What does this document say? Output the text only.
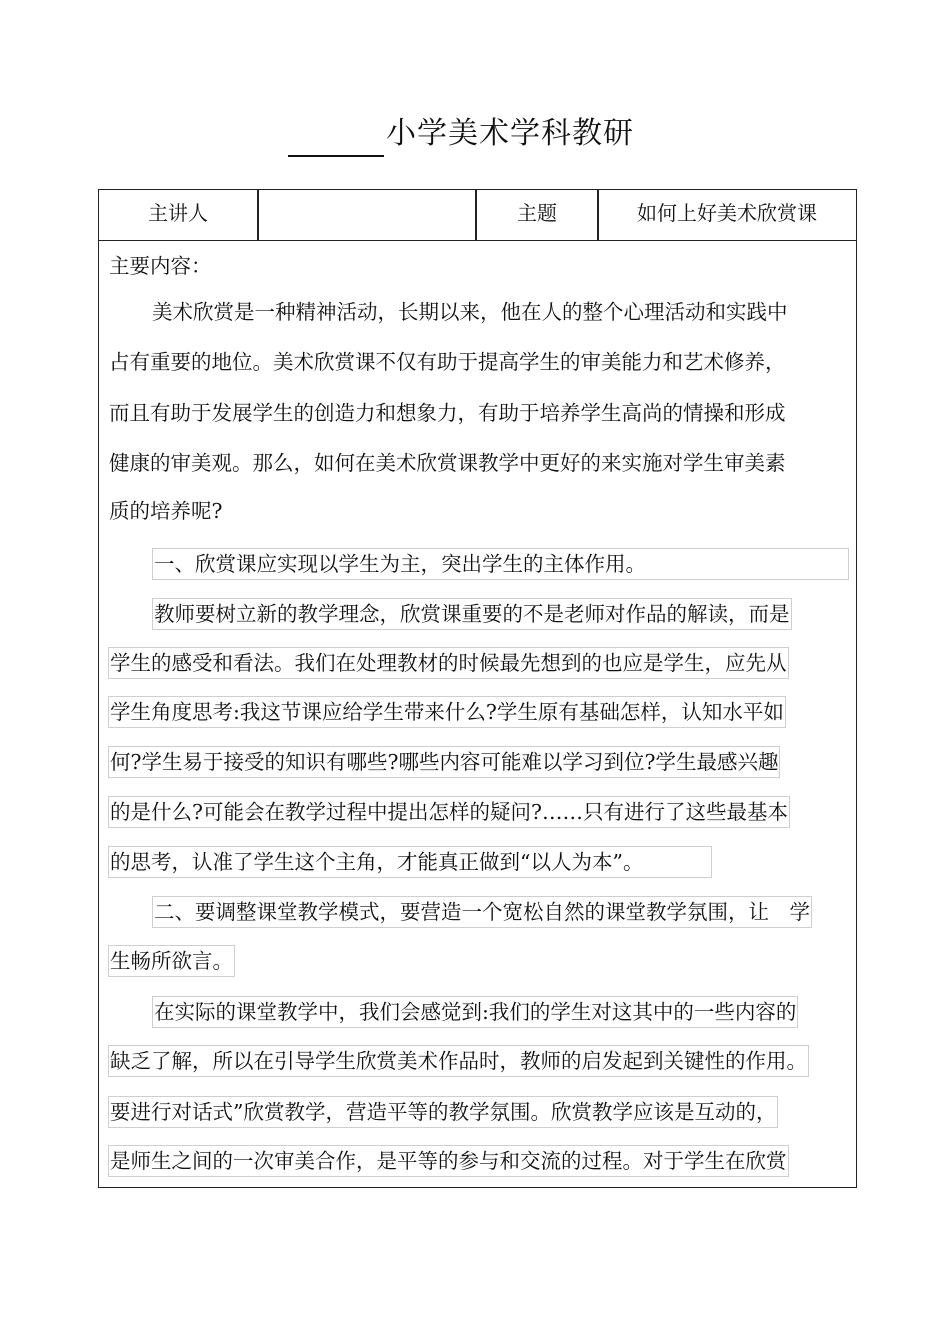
小学美术学科教研
主讲人	主题	如何上好美术欣赏课
主要内容：
美术欣赏是一种精神活动，长期以来，他在人的整个心理活动和实践中
占有重要的地位。美术欣赏课不仅有助于提高学生的审美能力和艺术修养，
而且有助于发展学生的创造力和想象力，有助于培养学生高尚的情操和形成
健康的审美观。那么，如何在美术欣赏课教学中更好的来实施对学生审美素
质的培养呢?
一、欣赏课应实现以学生为主，突出学生的主体作用。
教师要树立新的教学理念，欣赏课重要的不是老师对作品的解读，而是
学生的感受和看法。我们在处理教材的时候最先想到的也应是学生，应先从
学生角度思考:我这节课应给学生带来什么?学生原有基础怎样，认知水平如
何?学生易于接受的知识有哪些?哪些内容可能难以学习到位?学生最感兴趣
的是什么?可能会在教学过程中提出怎样的疑问?……只有进行了这些最基本
的思考，认准了学生这个主角，才能真正做到“以人为本”。
二、要调整课堂教学模式，要营造一个宽松自然的课堂教学氛围，让　学
生畅所欲言。
在实际的课堂教学中，我们会感觉到:我们的学生对这其中的一些内容的
缺乏了解，所以在引导学生欣赏美术作品时，教师的启发起到关键性的作用。
要进行对话式”欣赏教学，营造平等的教学氛围。欣赏教学应该是互动的，
是师生之间的一次审美合作，是平等的参与和交流的过程。对于学生在欣赏
